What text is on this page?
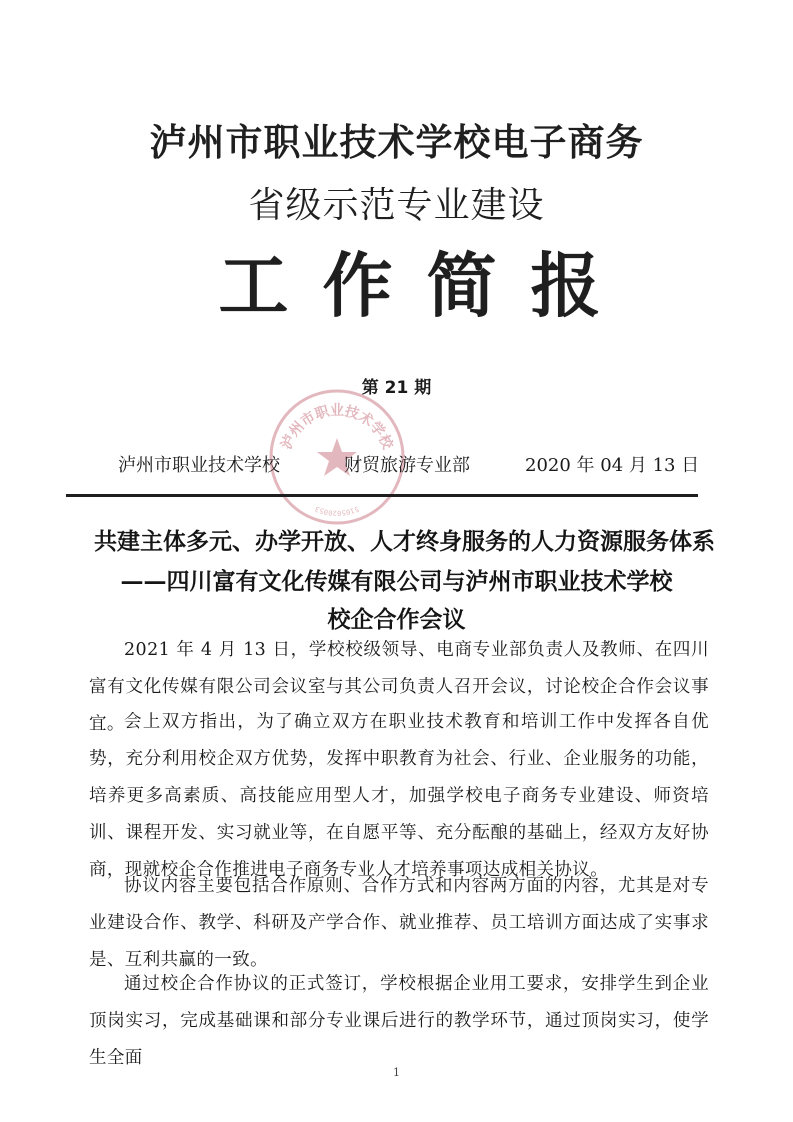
泸州市职业技术学校电子商务
省级示范专业建设
工作简报
第 21 期
泸州市职业技术学校
5105020053
泸州市职业技术学校	财贸旅游专业部	2020 年 04 月 13 日
共建主体多元、办学开放、人才终身服务的人力资源服务体系
——四川富有文化传媒有限公司与泸州市职业技术学校
校企合作会议
2021 年 4 月 13 日，学校校级领导、电商专业部负责人及教师、在四川富有文化传媒有限公司会议室与其公司负责人召开会议，讨论校企合作会议事宜。 会上双方指出，为了确立双方在职业技术教育和培训工作中发挥各自优势，充分利用校企双方优势，发挥中职教育为社会、行业、企业服务的功能，培养更多高素质、高技能应用型人才，加强学校电子商务专业建设、师资培训、课程开发、实习就业等，在自愿平等、充分酝酿的基础上，经双方友好协商，现就校企合作推进电子商务专业人才培养事项达成相关协议。
协议内容主要包括合作原则、合作方式和内容两方面的内容，尤其是对专业建设合作、教学、科研及产学合作、就业推荐、员工培训方面达成了实事求是、互利共赢的一致。
通过校企合作协议的正式签订，学校根据企业用工要求，安排学生到企业顶岗实习，完成基础课和部分专业课后进行的教学环节，通过顶岗实习，使学生全面
1
